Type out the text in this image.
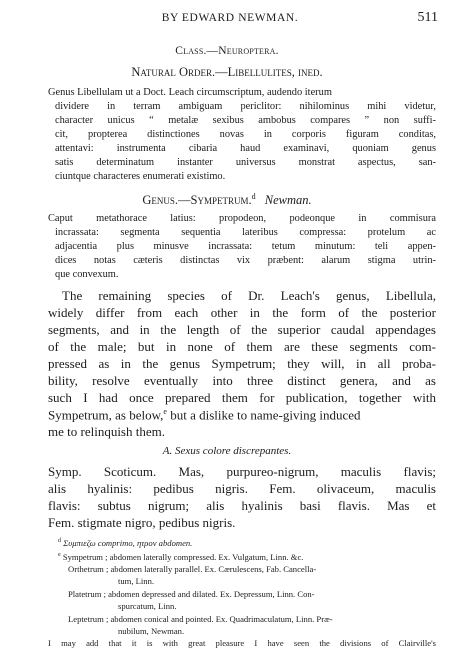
BY EDWARD NEWMAN.	511
Class.—Neuroptera.
Natural Order.—Libellulites, ined.
Genus Libellulam ut a Doct. Leach circumscriptum, audendo iterum
dividere in terram ambiguam periclitor: nihilominus mihi videtur,
character unicus “ metalæ sexibus ambobus compares ” non suffi-
cit, propterea distinctiones novas in corporis figuram conditas,
attentavi: instrumenta cibaria haud examinavi, quoniam genus
satis determinatum instanter universus monstrat aspectus, san-
ciuntque characteres enumerati existimo.
Genus.—Sympetrum.$^d$ Newman.
Caput metathorace latius: propodeon, podeonque in commisura
incrassata: segmenta sequentia lateribus compressa: protelum ac
adjacentia plus minusve incrassata: tetum minutum: teli appen-
dices notas cæteris distinctas vix præbent: alarum stigma utrin-
que convexum.
The remaining species of Dr. Leach's genus, Libellula,
widely differ from each other in the form of the posterior
segments, and in the length of the superior caudal appendages
of the male; but in none of them are these segments com-
pressed as in the genus Sympetrum; they will, in all proba-
bility, resolve eventually into three distinct genera, and as
such I had once prepared them for publication, together with
Sympetrum, as below,$^e$ but a dislike to name-giving induced
me to relinquish them.
A. Sexus colore discrepantes.
Symp. Scoticum. Mas, purpureo-nigrum, maculis flavis;
alis hyalinis: pedibus nigris. Fem. olivaceum, maculis
flavis: subtus nigrum; alis hyalinis basi flavis. Mas et
Fem. stigmate nigro, pedibus nigris.
$^d$ Συμπιεζω comprimo, ητρον abdomen.
$^e$ Sympetrum ; abdomen laterally compressed. Ex. Vulgatum, Linn. &c.
Orthetrum ; abdomen laterally parallel. Ex. Cærulescens, Fab. Cancella-
tum, Linn.
Platetrum ; abdomen depressed and dilated. Ex. Depressum, Linn. Con-
spurcatum, Linn.
Leptetrum ; abdomen conical and pointed. Ex. Quadrimaculatum, Linn. Præ-
nubilum, Newman.
I may add that it is with great pleasure I have seen the divisions of Clairville's
